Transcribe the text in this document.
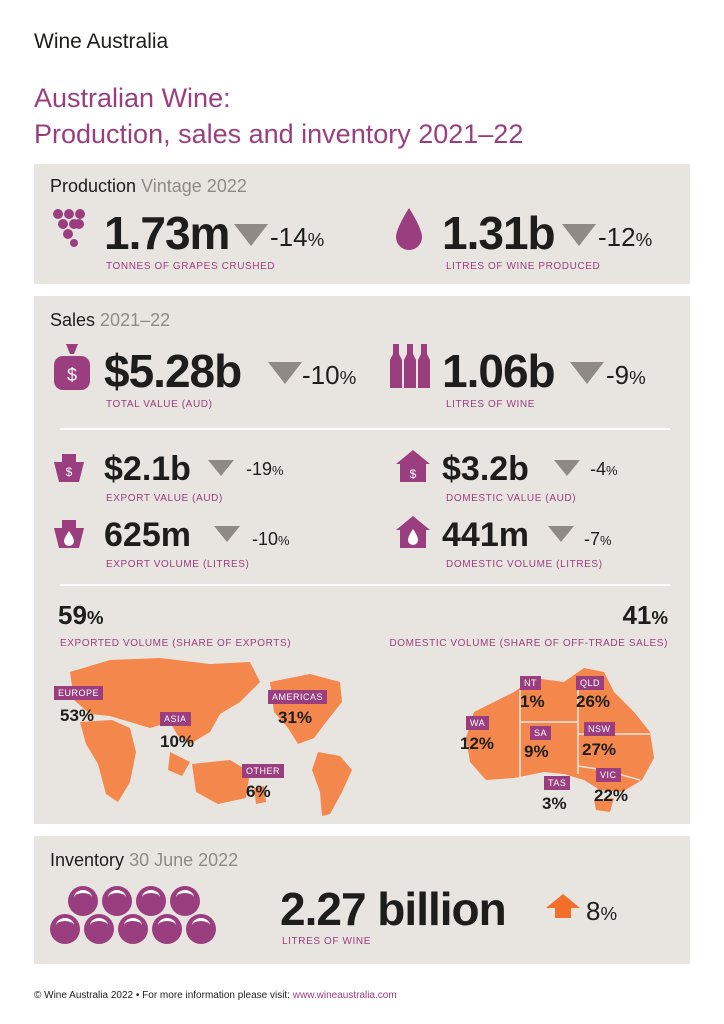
Wine Australia
Australian Wine:
Production, sales and inventory 2021–22
Production Vintage 2022
1.73m -14%
TONNES OF GRAPES CRUSHED
1.31b -12%
LITRES OF WINE PRODUCED
Sales 2021–22
$ $5.28b -10%
TOTAL VALUE (AUD)
1.06b -9%
LITRES OF WINE
$ $2.1b	-19%
EXPORT VALUE (AUD)
$ $3.2b	-4%
DOMESTIC VALUE (AUD)
625m	-10%
EXPORT VOLUME (LITRES)
441m	-7%
DOMESTIC VOLUME (LITRES)
59%
EXPORTED VOLUME (SHARE OF EXPORTS)
41%
DOMESTIC VOLUME (SHARE OF OFF-TRADE SALES)
EUROPE
53%	ASIA
10%
AMERICAS
31%
OTHER
6%
NT
1%
QLD
26%
WA
12%
SA
9%
NSW
27%
TAS
3%
VIC
22%
Inventory 30 June 2022
2.27 billion	8%
LITRES OF WINE
© Wine Australia 2022 • For more information please visit: www.wineaustralia.com
